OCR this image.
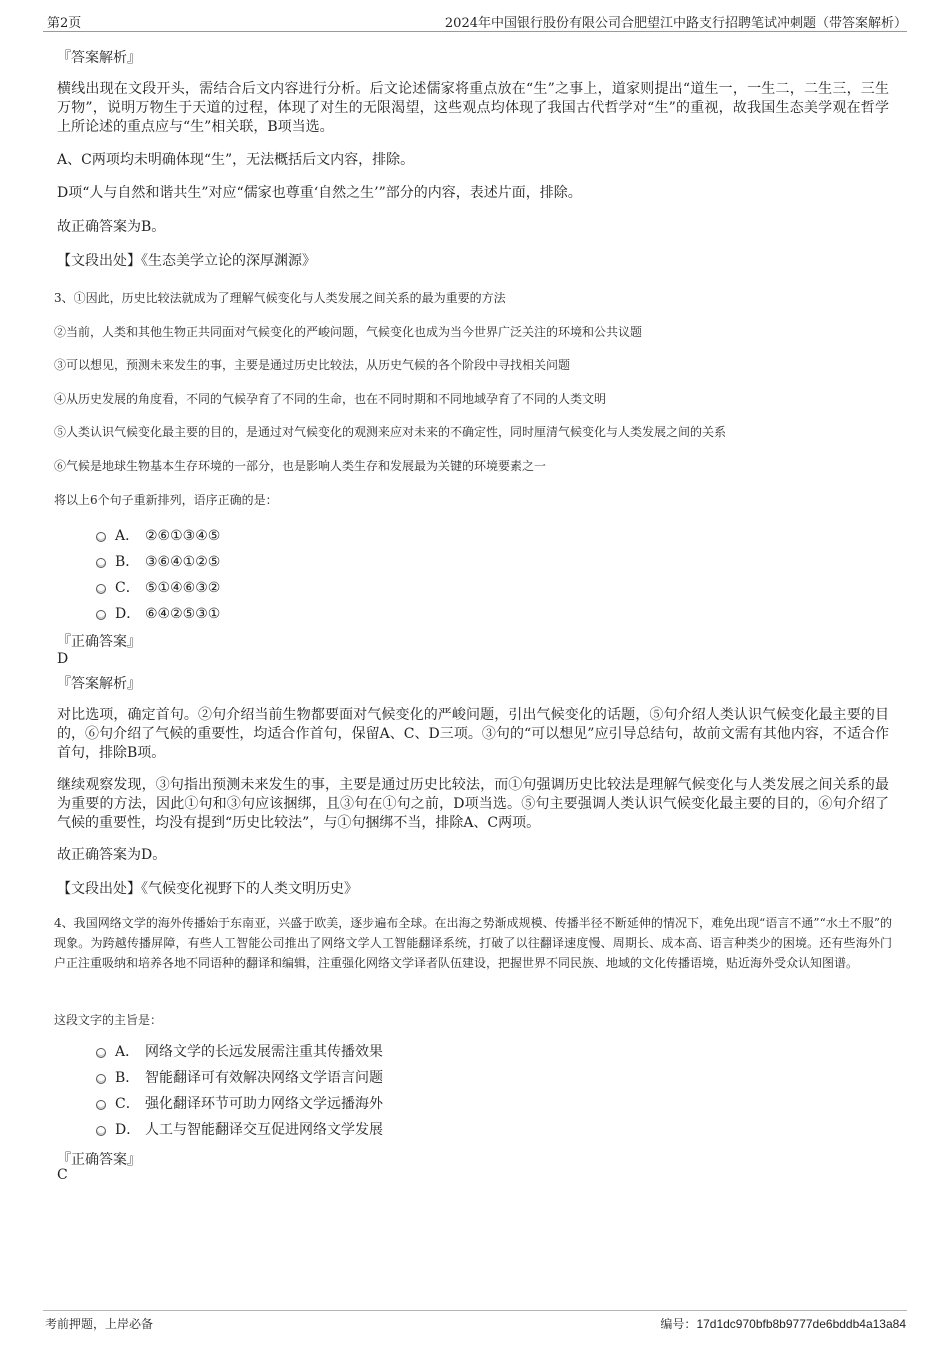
第2页	2024年中国银行股份有限公司合肥望江中路支行招聘笔试冲刺题（带答案解析）
『答案解析』
横线出现在文段开头，需结合后文内容进行分析。后文论述儒家将重点放在“生”之事上，道家则提出“道生一，一生二，二生三，三生万物”，说明万物生于天道的过程，体现了对生的无限渴望，这些观点均体现了我国古代哲学对“生”的重视，故我国生态美学观在哲学上所论述的重点应与“生”相关联，B项当选。
A、C两项均未明确体现“生”，无法概括后文内容，排除。
D项“人与自然和谐共生”对应“儒家也尊重‘自然之生’”部分的内容，表述片面，排除。
故正确答案为B。
【文段出处】《生态美学立论的深厚渊源》
3、①因此，历史比较法就成为了理解气候变化与人类发展之间关系的最为重要的方法
②当前，人类和其他生物正共同面对气候变化的严峻问题，气候变化也成为当今世界广泛关注的环境和公共议题
③可以想见，预测未来发生的事，主要是通过历史比较法，从历史气候的各个阶段中寻找相关问题
④从历史发展的角度看，不同的气候孕育了不同的生命，也在不同时期和不同地域孕育了不同的人类文明
⑤人类认识气候变化最主要的目的，是通过对气候变化的观测来应对未来的不确定性，同时厘清气候变化与人类发展之间的关系
⑥气候是地球生物基本生存环境的一部分，也是影响人类生存和发展最为关键的环境要素之一
将以上6个句子重新排列，语序正确的是：
A． ②⑥①③④⑤
B． ③⑥④①②⑤
C． ⑤①④⑥③②
D． ⑥④②⑤③①
『正确答案』
D
『答案解析』
对比选项，确定首句。②句介绍当前生物都要面对气候变化的严峻问题，引出气候变化的话题，⑤句介绍人类认识气候变化最主要的目的，⑥句介绍了气候的重要性，均适合作首句，保留A、C、D三项。③句的“可以想见”应引导总结句，故前文需有其他内容，不适合作首句，排除B项。
继续观察发现，③句指出预测未来发生的事，主要是通过历史比较法，而①句强调历史比较法是理解气候变化与人类发展之间关系的最为重要的方法，因此①句和③句应该捆绑，且③句在①句之前，D项当选。⑤句主要强调人类认识气候变化最主要的目的，⑥句介绍了气候的重要性，均没有提到“历史比较法”，与①句捆绑不当，排除A、C两项。
故正确答案为D。
【文段出处】《气候变化视野下的人类文明历史》
4、我国网络文学的海外传播始于东南亚，兴盛于欧美，逐步遍布全球。在出海之势渐成规模、传播半径不断延伸的情况下，难免出现“语言不通”“水土不服”的现象。为跨越传播屏障，有些人工智能公司推出了网络文学人工智能翻译系统，打破了以往翻译速度慢、周期长、成本高、语言种类少的困境。还有些海外门户正注重吸纳和培养各地不同语种的翻译和编辑，注重强化网络文学译者队伍建设，把握世界不同民族、地域的文化传播语境，贴近海外受众认知图谱。
这段文字的主旨是：
A． 网络文学的长远发展需注重其传播效果
B． 智能翻译可有效解决网络文学语言问题
C． 强化翻译环节可助力网络文学远播海外
D． 人工与智能翻译交互促进网络文学发展
『正确答案』
C
考前押题，上岸必备	编号：17d1dc970bfb8b9777de6bddb4a13a84
